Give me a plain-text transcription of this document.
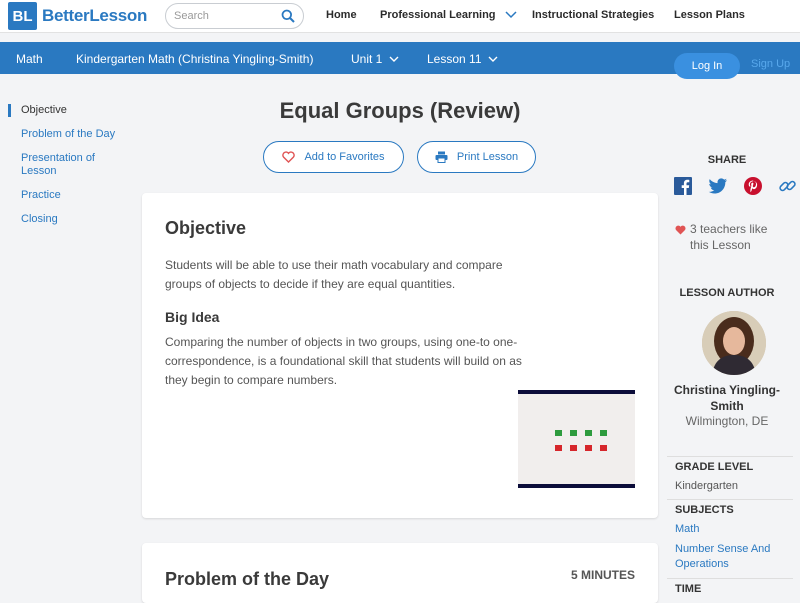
BL BetterLesson Search	Home Professional Learning	Instructional Strategies Lesson Plans
Math	Kindergarten Math (Christina Yingling-Smith)	Unit 1	Lesson 11	Log In	Sign Up
Objective
Problem of the Day
Presentation of Lesson
Practice
Closing
Equal Groups (Review)
Add to Favorites	Print Lesson
Objective

Students will be able to use their math vocabulary and compare groups of objects to decide if they are equal quantities.

Big Idea

Comparing the number of objects in two groups, using one-to one-correspondence, is a foundational skill that students will build on as they begin to compare numbers.

Problem of the Day	5 MINUTES
SHARE
3 teachers like this Lesson
LESSON AUTHOR
Christina Yingling-Smith
Wilmington, DE
GRADE LEVEL
Kindergarten
SUBJECTS
Math
Number Sense And Operations
TIME
